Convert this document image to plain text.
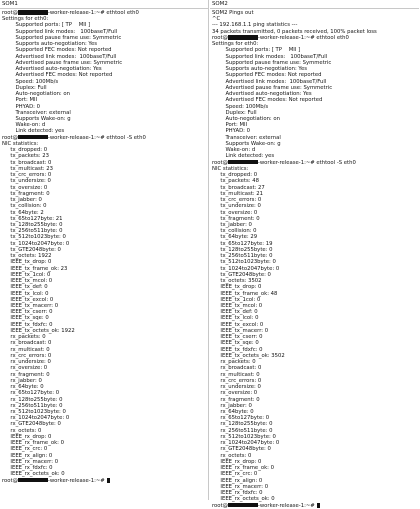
SOM1
root@	-worker-release-1:~# ethtool eth0
Settings for eth0:
Supported ports: [ TP    MII ]
Supported link modes:   100baseT/Full
Supported pause frame use: Symmetric
Supports auto-negotiation: Yes
Supported FEC modes: Not reported
Advertised link modes:  100baseT/Full
Advertised pause frame use: Symmetric
Advertised auto-negotiation: Yes
Advertised FEC modes: Not reported
Speed: 100Mb/s
Duplex: Full
Auto-negotiation: on
Port: MII
PHYAD: 0
Transceiver: external
Supports Wake-on: g
Wake-on: d
Link detected: yes
root@	-worker-release-1:~# ethtool -S eth0
NIC statistics:
tx_dropped: 0
tx_packets: 23
tx_broadcast: 0
tx_multicast: 23
tx_crc_errors: 0
tx_undersize: 0
tx_oversize: 0
tx_fragment: 0
tx_jabber: 0
tx_collision: 0
tx_64byte: 2
tx_65to127byte: 21
tx_128to255byte: 0
tx_256to511byte: 0
tx_512to1023byte: 0
tx_1024to2047byte: 0
tx_GTE2048byte: 0
tx_octets: 1922
IEEE_tx_drop: 0
IEEE_tx_frame_ok: 23
IEEE_tx_1col: 0
IEEE_tx_mcol: 0
IEEE_tx_def: 0
IEEE_tx_lcol: 0
IEEE_tx_excol: 0
IEEE_tx_macerr: 0
IEEE_tx_cserr: 0
IEEE_tx_sqe: 0
IEEE_tx_fdxfc: 0
IEEE_tx_octets_ok: 1922
rx_packets: 0
rx_broadcast: 0
rx_multicast: 0
rx_crc_errors: 0
rx_undersize: 0
rx_oversize: 0
rx_fragment: 0
rx_jabber: 0
rx_64byte: 0
rx_65to127byte: 0
rx_128to255byte: 0
rx_256to511byte: 0
rx_512to1023byte: 0
rx_1024to2047byte: 0
rx_GTE2048byte: 0
rx_octets: 0
IEEE_rx_drop: 0
IEEE_rx_frame_ok: 0
IEEE_rx_crc: 0
IEEE_rx_align: 0
IEEE_rx_macerr: 0
IEEE_rx_fdxfc: 0
IEEE_rx_octets_ok: 0
root@	-worker-release-1:~#
SOM2
SOM2 Pings out
^C
--- 192.168.1.1 ping statistics ---
34 packets transmitted, 0 packets received, 100% packet loss
root@	-worker-release-1:~# ethtool eth0
Settings for eth0:
Supported ports: [ TP    MII ]
Supported link modes:   100baseT/Full
Supported pause frame use: Symmetric
Supports auto-negotiation: Yes
Supported FEC modes: Not reported
Advertised link modes:  100baseT/Full
Advertised pause frame use: Symmetric
Advertised auto-negotiation: Yes
Advertised FEC modes: Not reported
Speed: 100Mb/s
Duplex: Full
Auto-negotiation: on
Port: MII
PHYAD: 0
Transceiver: external
Supports Wake-on: g
Wake-on: d
Link detected: yes
root@	-worker-release-1:~# ethtool -S eth0
NIC statistics:
tx_dropped: 0
tx_packets: 48
tx_broadcast: 27
tx_multicast: 21
tx_crc_errors: 0
tx_undersize: 0
tx_oversize: 0
tx_fragment: 0
tx_jabber: 0
tx_collision: 0
tx_64byte: 29
tx_65to127byte: 19
tx_128to255byte: 0
tx_256to511byte: 0
tx_512to1023byte: 0
tx_1024to2047byte: 0
tx_GTE2048byte: 0
tx_octets: 3502
IEEE_tx_drop: 0
IEEE_tx_frame_ok: 48
IEEE_tx_1col: 0
IEEE_tx_mcol: 0
IEEE_tx_def: 0
IEEE_tx_lcol: 0
IEEE_tx_excol: 0
IEEE_tx_macerr: 0
IEEE_tx_cserr: 0
IEEE_tx_sqe: 0
IEEE_tx_fdxfc: 0
IEEE_tx_octets_ok: 3502
rx_packets: 0
rx_broadcast: 0
rx_multicast: 0
rx_crc_errors: 0
rx_undersize: 0
rx_oversize: 0
rx_fragment: 0
rx_jabber: 0
rx_64byte: 0
rx_65to127byte: 0
rx_128to255byte: 0
rx_256to511byte: 0
rx_512to1023byte: 0
rx_1024to2047byte: 0
rx_GTE2048byte: 0
rx_octets: 0
IEEE_rx_drop: 0
IEEE_rx_frame_ok: 0
IEEE_rx_crc: 0
IEEE_rx_align: 0
IEEE_rx_macerr: 0
IEEE_rx_fdxfc: 0
IEEE_rx_octets_ok: 0
root@	-worker-release-1:~#
